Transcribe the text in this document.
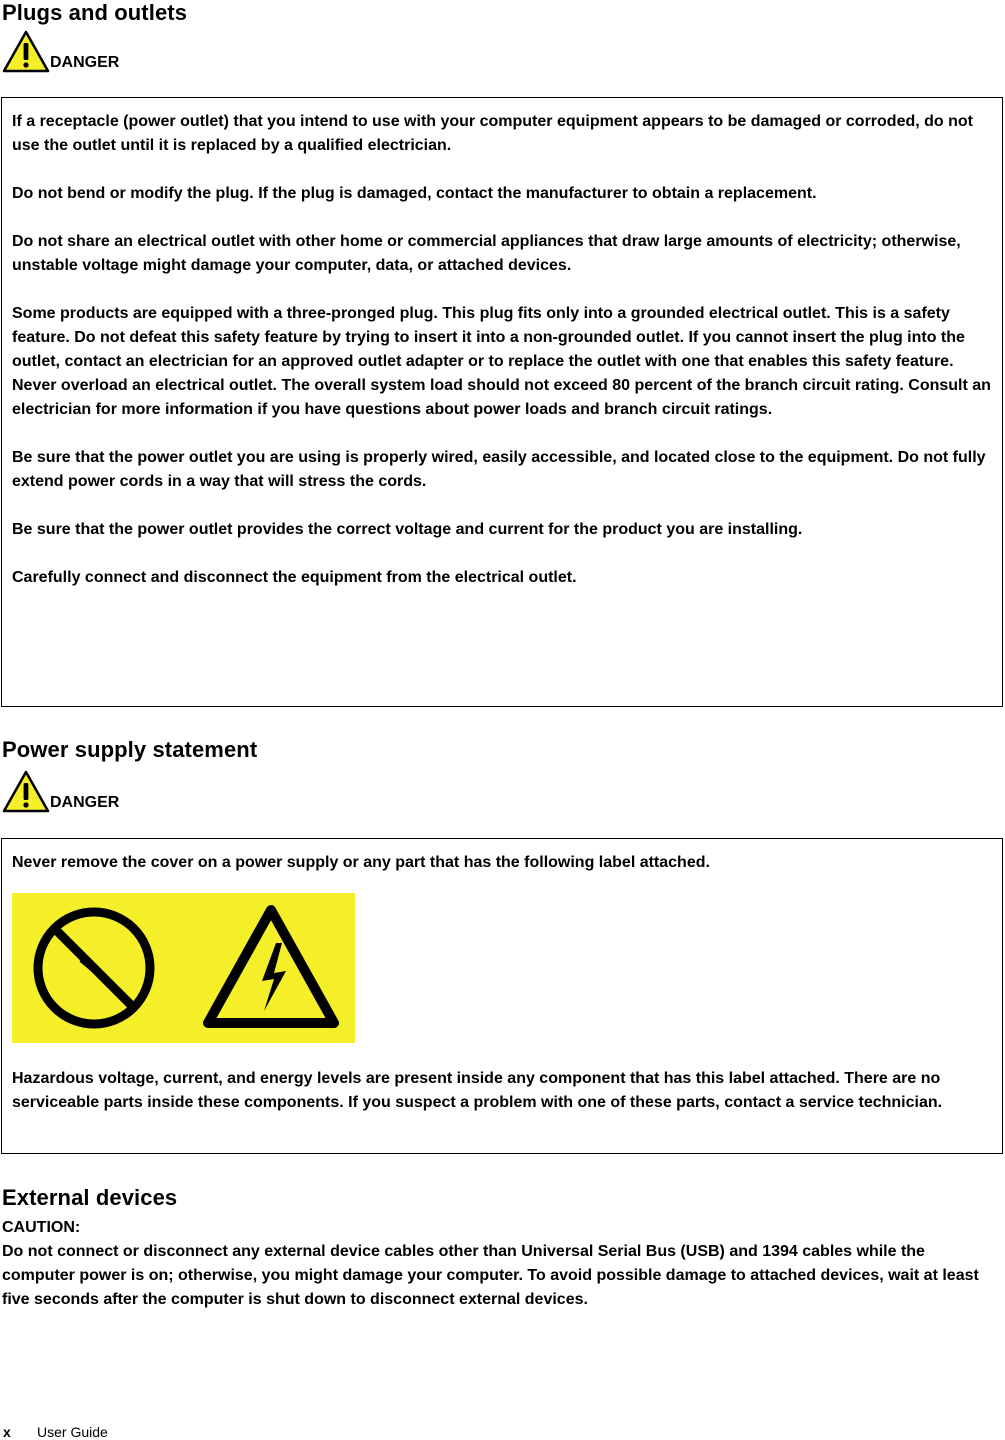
Plugs and outlets
DANGER

If a receptacle (power outlet) that you intend to use with your computer equipment appears to be damaged or corroded, do not use the outlet until it is replaced by a qualified electrician.

Do not bend or modify the plug. If the plug is damaged, contact the manufacturer to obtain a replacement.

Do not share an electrical outlet with other home or commercial appliances that draw large amounts of electricity; otherwise, unstable voltage might damage your computer, data, or attached devices.

Some products are equipped with a three-pronged plug. This plug fits only into a grounded electrical outlet. This is a safety feature. Do not defeat this safety feature by trying to insert it into a non-grounded outlet. If you cannot insert the plug into the outlet, contact an electrician for an approved outlet adapter or to replace the outlet with one that enables this safety feature. Never overload an electrical outlet. The overall system load should not exceed 80 percent of the branch circuit rating. Consult an electrician for more information if you have questions about power loads and branch circuit ratings.

Be sure that the power outlet you are using is properly wired, easily accessible, and located close to the equipment. Do not fully extend power cords in a way that will stress the cords.

Be sure that the power outlet provides the correct voltage and current for the product you are installing.

Carefully connect and disconnect the equipment from the electrical outlet.

Power supply statement
DANGER

Never remove the cover on a power supply or any part that has the following label attached.

Hazardous voltage, current, and energy levels are present inside any component that has this label attached. There are no serviceable parts inside these components. If you suspect a problem with one of these parts, contact a service technician.

External devices

CAUTION:

Do not connect or disconnect any external device cables other than Universal Serial Bus (USB) and 1394 cables while the computer power is on; otherwise, you might damage your computer. To avoid possible damage to attached devices, wait at least five seconds after the computer is shut down to disconnect external devices.

x	User Guide
